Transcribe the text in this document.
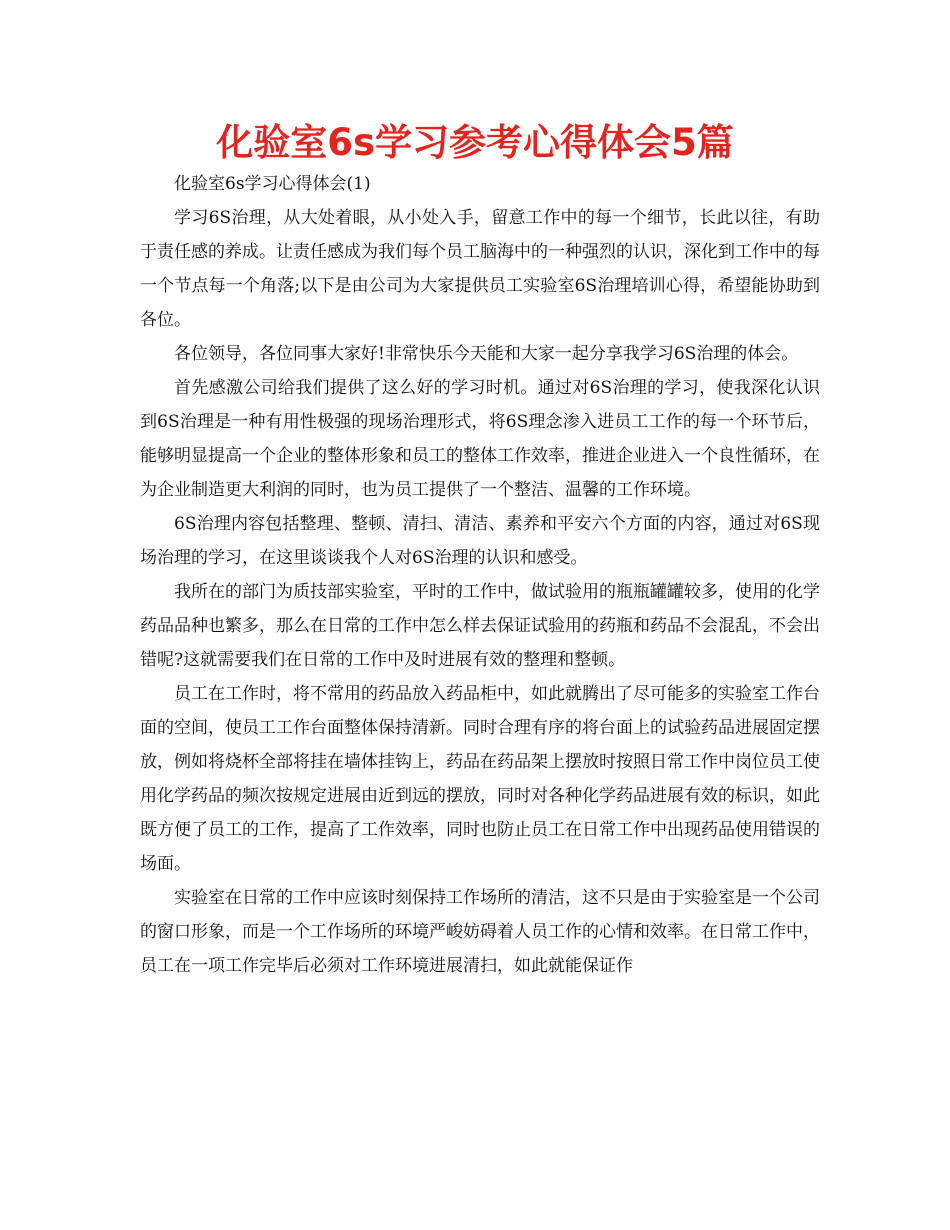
化验室6s学习参考心得体会5篇

化验室6s学习心得体会(1)

学习6S治理，从大处着眼，从小处入手，留意工作中的每一个细节，长此以往，有助于责任感的养成。让责任感成为我们每个员工脑海中的一种强烈的认识，深化到工作中的每一个节点每一个角落;以下是由公司为大家提供员工实验室6S治理培训心得，希望能协助到各位。

各位领导，各位同事大家好!非常快乐今天能和大家一起分享我学习6S治理的体会。

首先感激公司给我们提供了这么好的学习时机。通过对6S治理的学习，使我深化认识到6S治理是一种有用性极强的现场治理形式，将6S理念渗入进员工工作的每一个环节后，能够明显提高一个企业的整体形象和员工的整体工作效率，推进企业进入一个良性循环，在为企业制造更大利润的同时，也为员工提供了一个整洁、温馨的工作环境。

6S治理内容包括整理、整顿、清扫、清洁、素养和平安六个方面的内容，通过对6S现场治理的学习，在这里谈谈我个人对6S治理的认识和感受。

我所在的部门为质技部实验室，平时的工作中，做试验用的瓶瓶罐罐较多，使用的化学药品品种也繁多，那么在日常的工作中怎么样去保证试验用的药瓶和药品不会混乱，不会出错呢?这就需要我们在日常的工作中及时进展有效的整理和整顿。

员工在工作时，将不常用的药品放入药品柜中，如此就腾出了尽可能多的实验室工作台面的空间，使员工工作台面整体保持清新。同时合理有序的将台面上的试验药品进展固定摆放，例如将烧杯全部将挂在墙体挂钩上，药品在药品架上摆放时按照日常工作中岗位员工使用化学药品的频次按规定进展由近到远的摆放，同时对各种化学药品进展有效的标识，如此既方便了员工的工作，提高了工作效率，同时也防止员工在日常工作中出现药品使用错误的场面。

实验室在日常的工作中应该时刻保持工作场所的清洁，这不只是由于实验室是一个公司的窗口形象，而是一个工作场所的环境严峻妨碍着人员工作的心情和效率。在日常工作中，员工在一项工作完毕后必须对工作环境进展清扫，如此就能保证作
